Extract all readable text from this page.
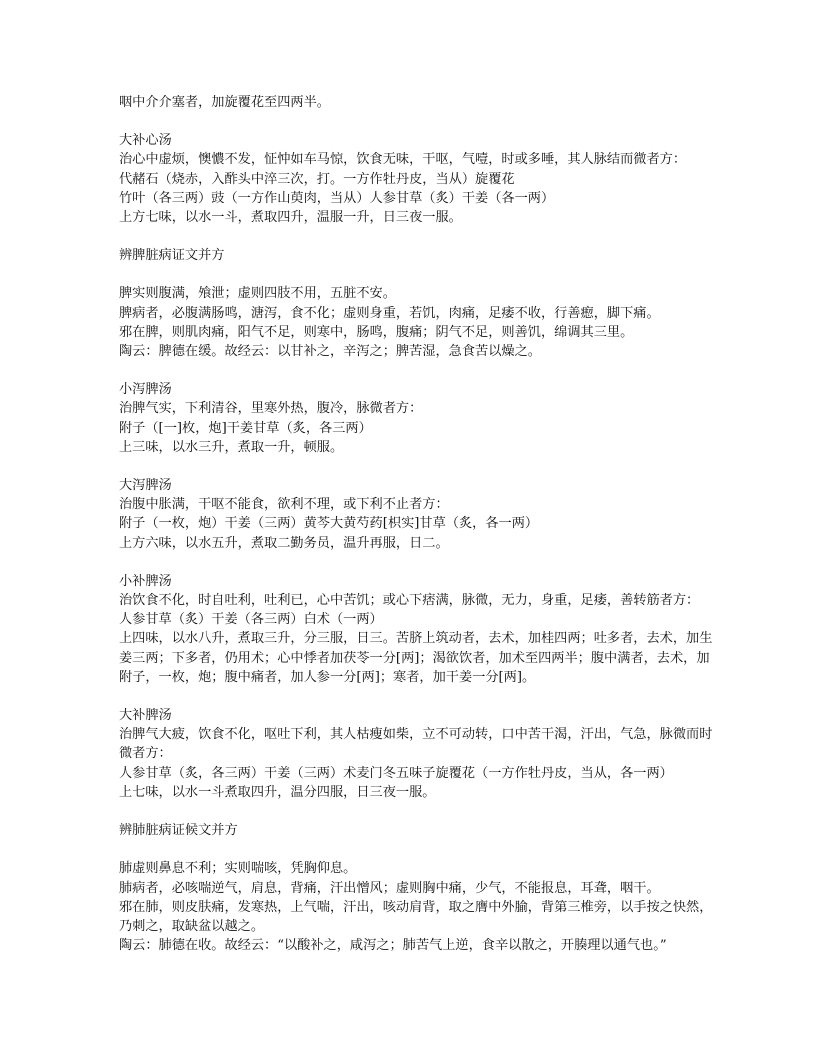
咽中介介塞者，加旋覆花至四两半。
大补心汤
治心中虚烦，懊憹不发，怔忡如车马惊，饮食无味，干呕，气噎，时或多唾，其人脉结而微者方：
代赭石（烧赤，入酢头中淬三次，打。一方作牡丹皮，当从）旋覆花
竹叶（各三两）豉（一方作山萸肉，当从）人参甘草（炙）干姜（各一两）
上方七味，以水一斗，煮取四升，温服一升，日三夜一服。
辨脾脏病证文并方
脾实则腹满，飧泄；虚则四肢不用，五脏不安。
脾病者，必腹满肠鸣，溏泻，食不化；虚则身重，若饥，肉痛，足痿不收，行善瘛，脚下痛。
邪在脾，则肌肉痛，阳气不足，则寒中，肠鸣，腹痛；阴气不足，则善饥，绵调其三里。
陶云：脾德在缓。故经云：以甘补之，辛泻之；脾苦湿，急食苦以燥之。
小泻脾汤
治脾气实，下利清谷，里寒外热，腹冷，脉微者方：
附子（[一]枚，炮]干姜甘草（炙，各三两）
上三味，以水三升，煮取一升，顿服。
大泻脾汤
治腹中胀满，干呕不能食，欲利不理，或下利不止者方：
附子（一枚，炮）干姜（三两）黄芩大黄芍药[枳实]甘草（炙，各一两）
上方六味，以水五升，煮取二勤务员，温升再服，日二。
小补脾汤
治饮食不化，时自吐利，吐利已，心中苦饥；或心下痞满，脉微，无力，身重，足痿，善转筋者方：
人参甘草（炙）干姜（各三两）白术（一两）
上四味，以水八升，煮取三升，分三服，日三。苦脐上筑动者，去术，加桂四两；吐多者，去术，加生姜三两；下多者，仍用术；心中悸者加茯苓一分[两]；渴欲饮者，加术至四两半；腹中满者，去术，加附子，一枚，炮；腹中痛者，加人参一分[两]；寒者，加干姜一分[两]。
大补脾汤
治脾气大疲，饮食不化，呕吐下利，其人枯瘦如柴，立不可动转，口中苦干渴，汗出，气急，脉微而时微者方：
人参甘草（炙，各三两）干姜（三两）术麦门冬五味子旋覆花（一方作牡丹皮，当从，各一两）
上七味，以水一斗煮取四升，温分四服，日三夜一服。
辨肺脏病证候文并方
肺虚则鼻息不利；实则喘咳，凭胸仰息。
肺病者，必咳喘逆气，肩息，背痛，汗出憎风；虚则胸中痛，少气，不能报息，耳聋，咽干。
邪在肺，则皮肤痛，发寒热，上气喘，汗出，咳动肩背，取之膺中外腧，背第三椎旁，以手按之快然，乃刺之，取缺盆以越之。
陶云：肺德在收。故经云：“以酸补之，咸泻之；肺苦气上逆，食辛以散之，开腠理以通气也。”
